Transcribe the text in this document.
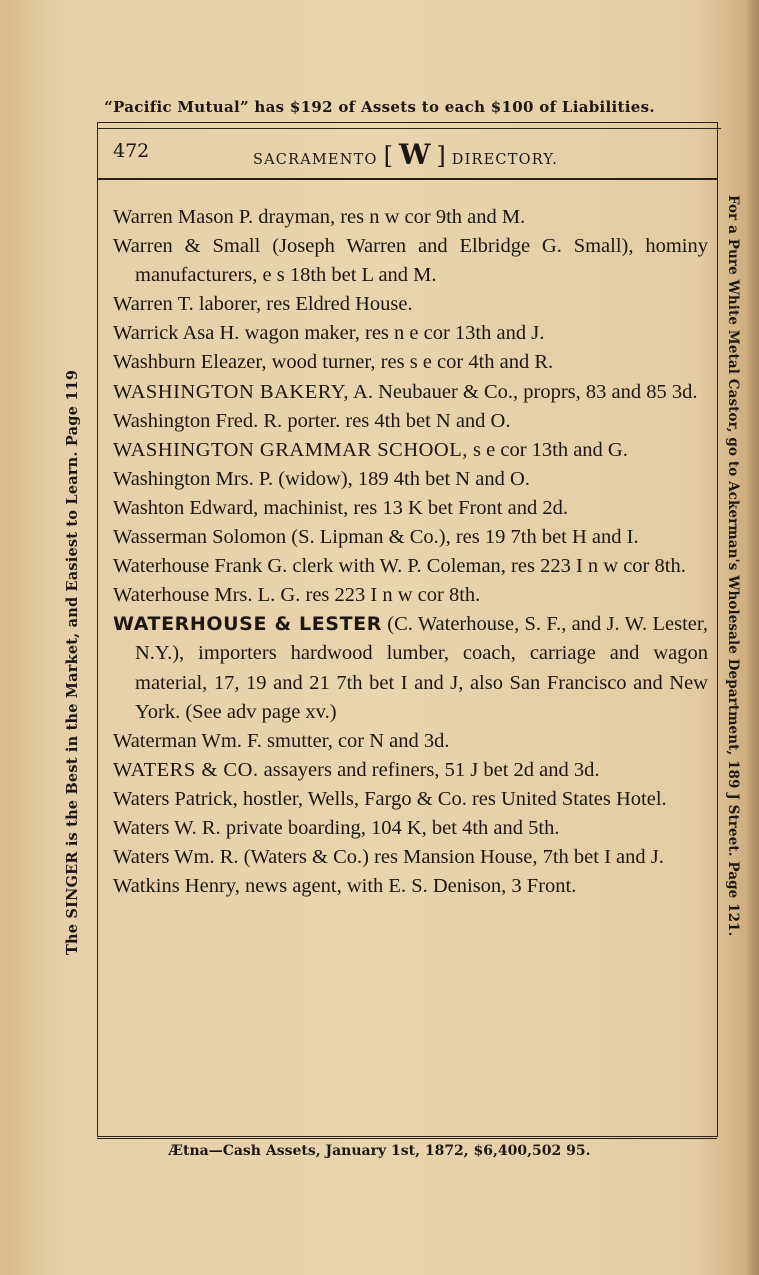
“Pacific Mutual” has $192 of Assets to each $100 of Liabilities.
The SINGER is the Best in the Market, and Easiest to Learn. Page 119	For a Pure White Metal Castor, go to Ackerman's Wholesale Department, 189 J Street. Page 121.
472	SACRAMENTO [ W ] DIRECTORY.

Warren Mason P. drayman, res n w cor 9th and M.

Warren & Small (Joseph Warren and Elbridge G. Small), hominy manufacturers, e s 18th bet L and M.

Warren T. laborer, res Eldred House.

Warrick Asa H. wagon maker, res n e cor 13th and J.

Washburn Eleazer, wood turner, res s e cor 4th and R.

WASHINGTON BAKERY, A. Neubauer & Co., proprs, 83 and 85 3d.

Washington Fred. R. porter. res 4th bet N and O.

WASHINGTON GRAMMAR SCHOOL, s e cor 13th and G.

Washington Mrs. P. (widow), 189 4th bet N and O.

Washton Edward, machinist, res 13 K bet Front and 2d.

Wasserman Solomon (S. Lipman & Co.), res 19 7th bet H and I.

Waterhouse Frank G. clerk with W. P. Coleman, res 223 I n w cor 8th.

Waterhouse Mrs. L. G. res 223 I n w cor 8th.

WATERHOUSE & LESTER (C. Waterhouse, S. F., and J. W. Lester, N.Y.), importers hardwood lumber, coach, carriage and wagon material, 17, 19 and 21 7th bet I and J, also San Francisco and New York. (See adv page xv.)

Waterman Wm. F. smutter, cor N and 3d.

WATERS & CO. assayers and refiners, 51 J bet 2d and 3d.

Waters Patrick, hostler, Wells, Fargo & Co. res United States Hotel.

Waters W. R. private boarding, 104 K, bet 4th and 5th.

Waters Wm. R. (Waters & Co.) res Mansion House, 7th bet I and J.

Watkins Henry, news agent, with E. S. Denison, 3 Front.

Ætna—Cash Assets, January 1st, 1872, $6,400,502 95.
